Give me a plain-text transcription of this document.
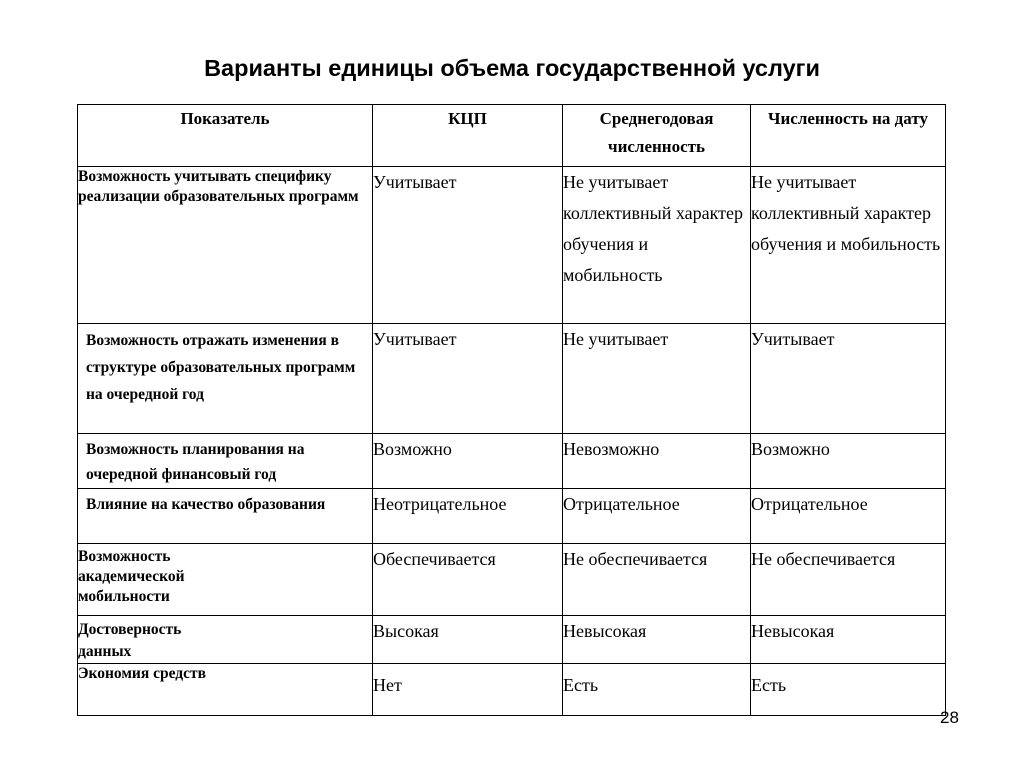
Варианты единицы объема государственной услуги
Показатель	КЦП	Среднегодовая численность	Численность на дату
Возможность учитывать специфику реализации образовательных программ	Учитывает	Не учитывает коллективный характер обучения и мобильность	Не учитывает коллективный характер обучения и мобильность
Возможность отражать изменения в структуре образовательных программ на очередной год	Учитывает	Не учитывает	Учитывает
Возможность планирования на очередной финансовый год	Возможно	Невозможно	Возможно
Влияние на качество образования	Неотрицательное	Отрицательное	Отрицательное

Возможность академической мобильности	Обеспечивается	Не обеспечивается	Не обеспечивается

Достоверность данных	Высокая	Невысокая	Невысокая
Экономия средств	Нет	Есть	Есть
28
